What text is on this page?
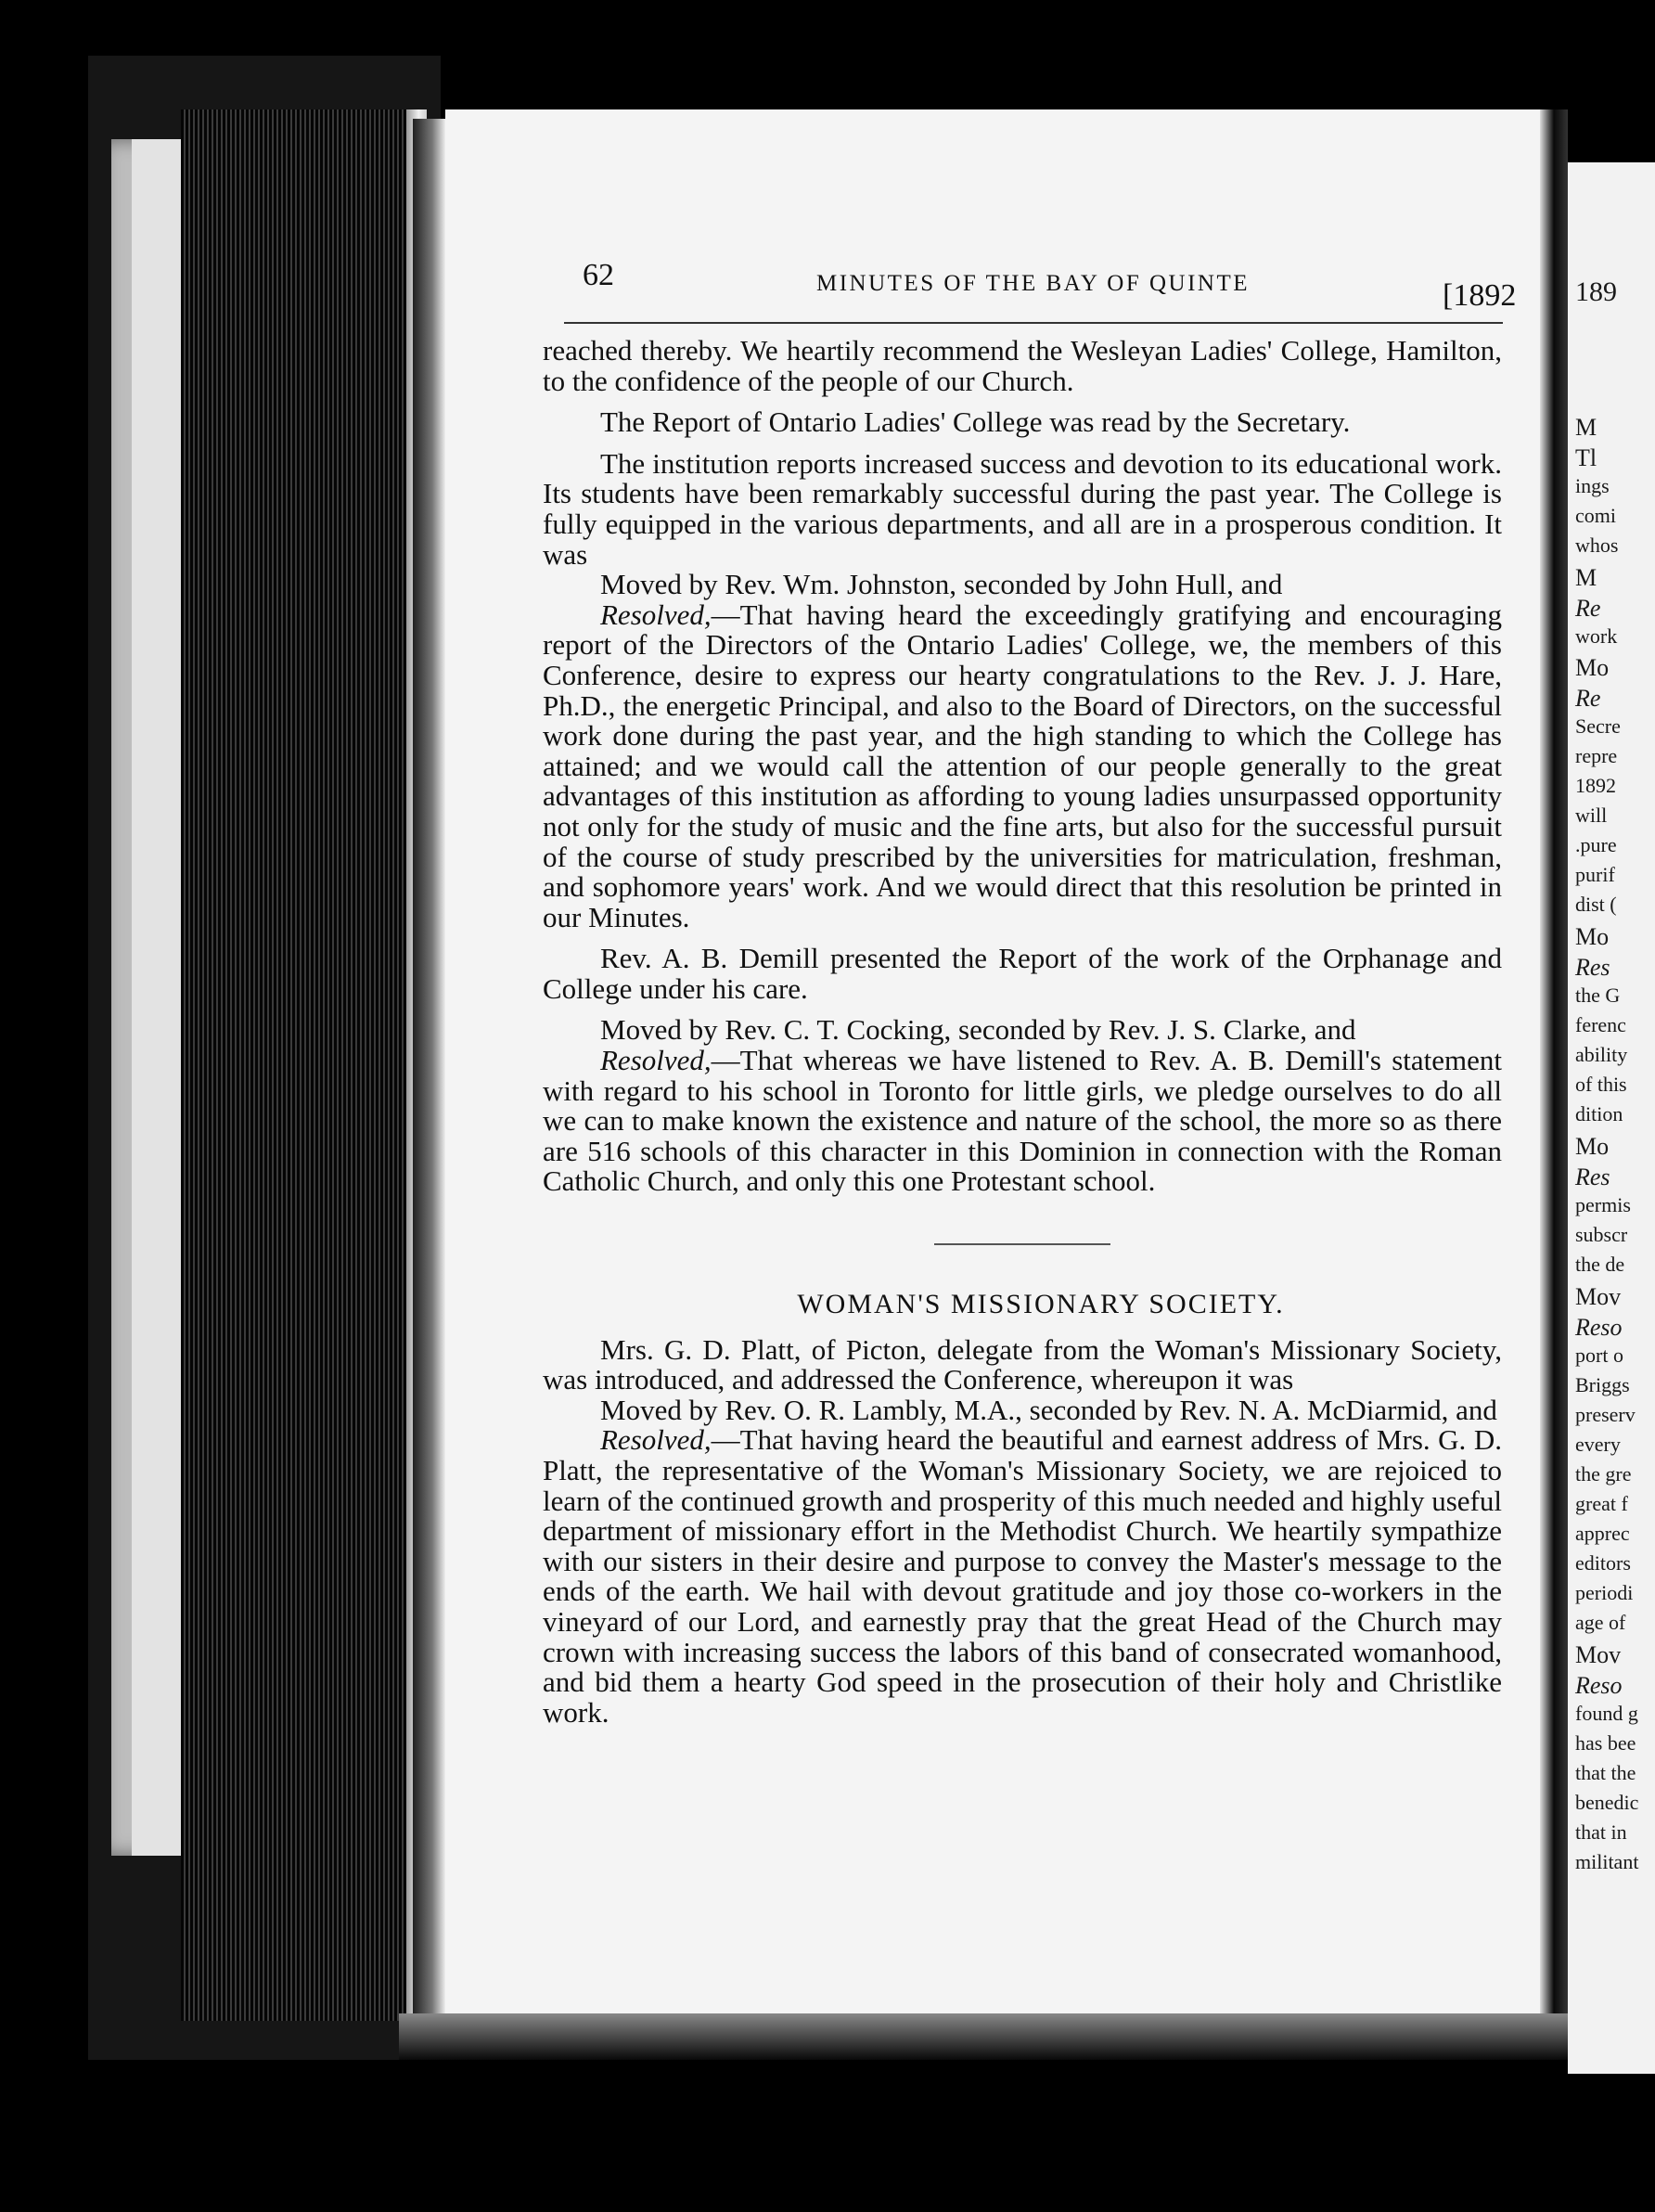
189
M
Tl
ings
comi
whos
M
Re
work
Mo
Re
Secre
repre
1892
will
.pure
purif
dist (
Mo
Res
the G
ferenc
ability
of this
dition
Mo
Res
permis
subscr
the de
Mov
Reso
port o
Briggs
preserv
every
the gre
great f
apprec
editors
periodi
age of
Mov
Reso
found g
has bee
that the
benedic
that in
militant
62	MINUTES OF THE BAY OF QUINTE	[1892

reached thereby. We heartily recommend the Wesleyan Ladies' College, Hamilton, to the confidence of the people of our Church.

The Report of Ontario Ladies' College was read by the Secretary.

The institution reports increased success and devotion to its educational work. Its students have been remarkably successful during the past year. The College is fully equipped in the various departments, and all are in a prosperous condition. It was

Moved by Rev. Wm. Johnston, seconded by John Hull, and

Resolved,—That having heard the exceedingly gratifying and encouraging report of the Directors of the Ontario Ladies' College, we, the members of this Conference, desire to express our hearty congratulations to the Rev. J. J. Hare, Ph.D., the energetic Principal, and also to the Board of Directors, on the successful work done during the past year, and the high standing to which the College has attained; and we would call the attention of our people generally to the great advantages of this institution as affording to young ladies unsurpassed opportunity not only for the study of music and the fine arts, but also for the successful pursuit of the course of study prescribed by the universities for matriculation, freshman, and sophomore years' work. And we would direct that this resolution be printed in our Minutes.

Rev. A. B. Demill presented the Report of the work of the Orphanage and College under his care.

Moved by Rev. C. T. Cocking, seconded by Rev. J. S. Clarke, and

Resolved,—That whereas we have listened to Rev. A. B. Demill's statement with regard to his school in Toronto for little girls, we pledge ourselves to do all we can to make known the existence and nature of the school, the more so as there are 516 schools of this character in this Dominion in connection with the Roman Catholic Church, and only this one Protestant school.

WOMAN'S MISSIONARY SOCIETY.

Mrs. G. D. Platt, of Picton, delegate from the Woman's Missionary Society, was introduced, and addressed the Conference, whereupon it was

Moved by Rev. O. R. Lambly, M.A., seconded by Rev. N. A. McDiarmid, and

Resolved,—That having heard the beautiful and earnest address of Mrs. G. D. Platt, the representative of the Woman's Missionary Society, we are rejoiced to learn of the continued growth and prosperity of this much needed and highly useful department of missionary effort in the Methodist Church. We heartily sympathize with our sisters in their desire and purpose to convey the Master's message to the ends of the earth. We hail with devout gratitude and joy those co-workers in the vineyard of our Lord, and earnestly pray that the great Head of the Church may crown with increasing success the labors of this band of consecrated womanhood, and bid them a hearty God speed in the prosecution of their holy and Christlike work.
